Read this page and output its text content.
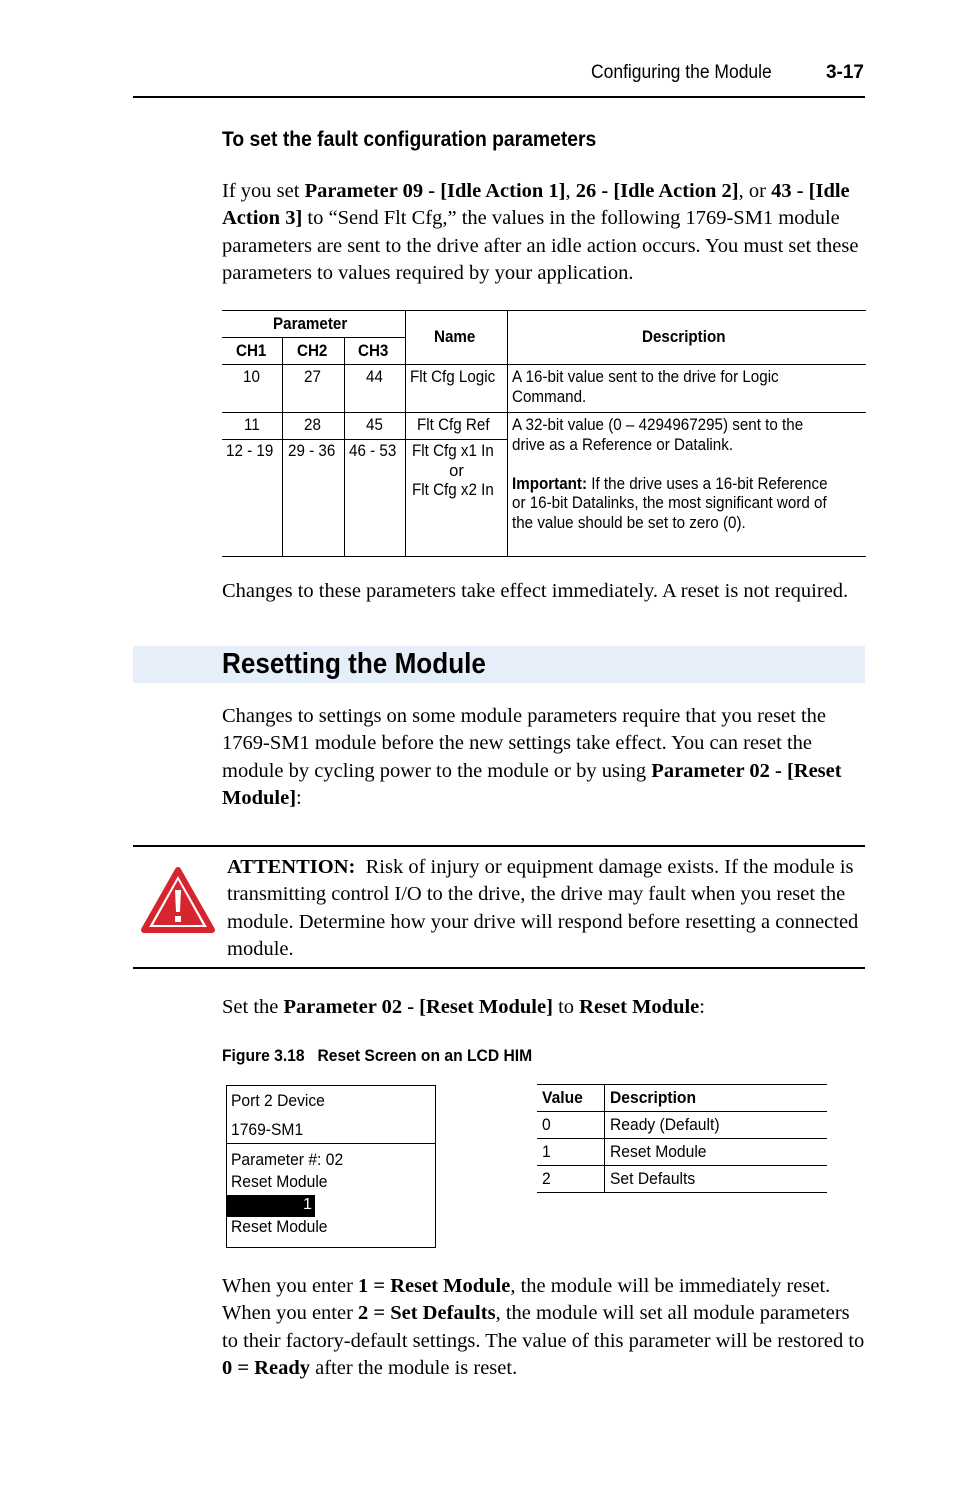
Configuring the Module	3-17
To set the fault configuration parameters
If you set Parameter 09 - [Idle Action 1], 26 - [Idle Action 2], or 43 - [Idle Action 3] to “Send Flt Cfg,” the values in the following 1769-SM1 module parameters are sent to the drive after an idle action occurs. You must set these parameters to values required by your application.
Parameter			Name	Description
CH1	CH2	CH3		
10	27	44	Flt Cfg Logic	A 16-bit value sent to the drive for Logic Command.

11	28	45	Flt Cfg Ref	A 32-bit value (0 – 4294967295) sent to the drive as a Reference or Datalink.

Important: If the drive uses a 16-bit Reference or 16-bit Datalinks, the most significant word of the value should be set to zero (0).

12 - 19	29 - 36	46 - 53	Flt Cfg x1 In
or
Flt Cfg x2 In	
Changes to these parameters take effect immediately. A reset is not required.
Resetting the Module
Changes to settings on some module parameters require that you reset the 1769-SM1 module before the new settings take effect. You can reset the module by cycling power to the module or by using Parameter 02 - [Reset Module]:
ATTENTION:  Risk of injury or equipment damage exists. If the module is transmitting control I/O to the drive, the drive may fault when you reset the module. Determine how your drive will respond before resetting a connected module.
Set the Parameter 02 - [Reset Module] to Reset Module:
Figure 3.18 Reset Screen on an LCD HIM
Port 2 Device
1769-SM1
Parameter #: 02
Reset Module
1
Reset Module
Value	Description
0	Ready (Default)
1	Reset Module
2	Set Defaults
When you enter 1 = Reset Module, the module will be immediately reset. When you enter 2 = Set Defaults, the module will set all module parameters to their factory-default settings. The value of this parameter will be restored to 0 = Ready after the module is reset.
